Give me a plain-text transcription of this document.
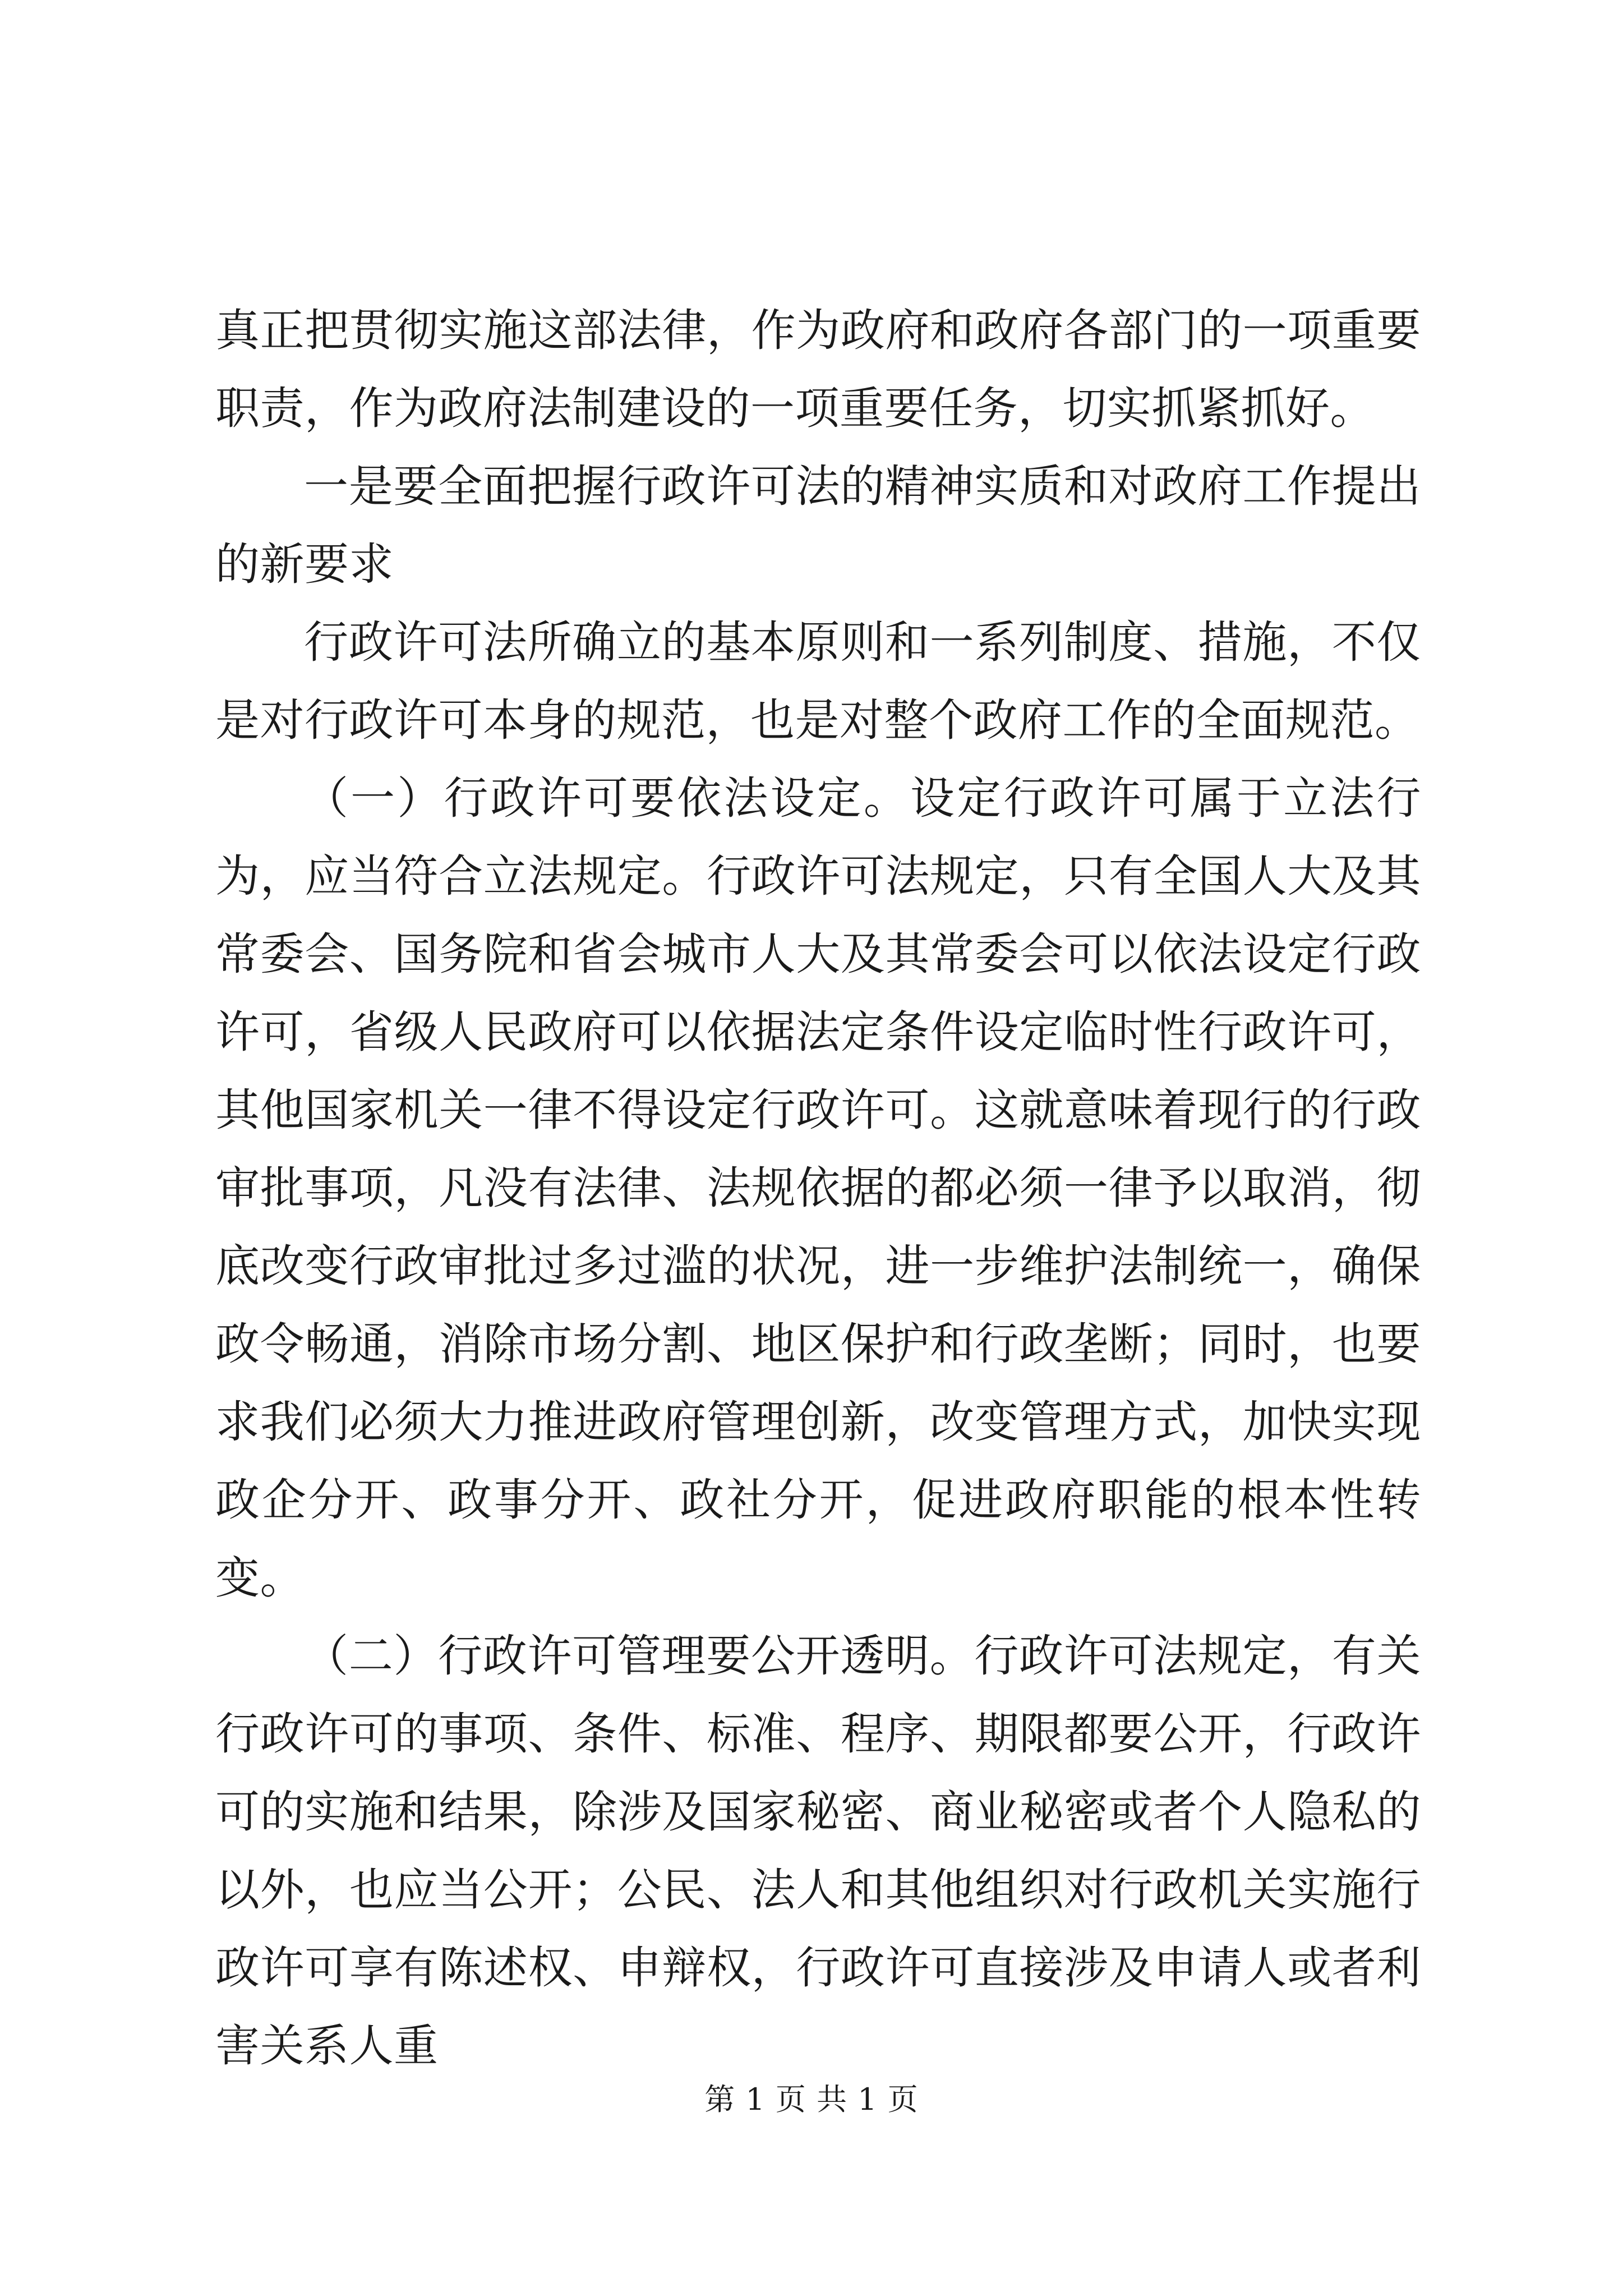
真正把贯彻实施这部法律，作为政府和政府各部门的一项重要职责，作为政府法制建设的一项重要任务，切实抓紧抓好。

一是要全面把握行政许可法的精神实质和对政府工作提出的新要求

行政许可法所确立的基本原则和一系列制度、措施，不仅是对行政许可本身的规范，也是对整个政府工作的全面规范。

（一）行政许可要依法设定。设定行政许可属于立法行为，应当符合立法规定。行政许可法规定，只有全国人大及其常委会、国务院和省会城市人大及其常委会可以依法设定行政许可，省级人民政府可以依据法定条件设定临时性行政许可，其他国家机关一律不得设定行政许可。这就意味着现行的行政审批事项，凡没有法律、法规依据的都必须一律予以取消，彻底改变行政审批过多过滥的状况，进一步维护法制统一，确保政令畅通，消除市场分割、地区保护和行政垄断；同时，也要求我们必须大力推进政府管理创新，改变管理方式，加快实现政企分开、政事分开、政社分开，促进政府职能的根本性转变。

（二）行政许可管理要公开透明。行政许可法规定，有关行政许可的事项、条件、标准、程序、期限都要公开，行政许可的实施和结果，除涉及国家秘密、商业秘密或者个人隐私的以外，也应当公开；公民、法人和其他组织对行政机关实施行政许可享有陈述权、申辩权，行政许可直接涉及申请人或者利害关系人重

第 1 页 共 1 页
